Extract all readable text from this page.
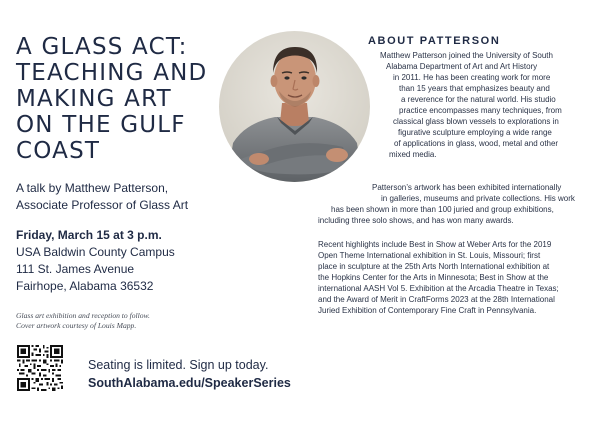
A GLASS ACT:
TEACHING AND
MAKING ART
ON THE GULF
COAST
A talk by Matthew Patterson,
Associate Professor of Glass Art
Friday, March 15 at 3 p.m.
USA Baldwin County Campus
111 St. James Avenue
Fairhope, Alabama 36532
Glass art exhibition and reception to follow.
Cover artwork courtesy of Louis Mapp.
Seating is limited. Sign up today.
SouthAlabama.edu/SpeakerSeries
ABOUT PATTERSON
Matthew Patterson joined the University of South
Alabama Department of Art and Art History
in 2011. He has been creating work for more
than 15 years that emphasizes beauty and
a reverence for the natural world. His studio
practice encompasses many techniques, from
classical glass blown vessels to explorations in
figurative sculpture employing a wide range
of applications in glass, wood, metal and other
mixed media.
Patterson’s artwork has been exhibited internationally
in galleries, museums and private collections. His work
has been shown in more than 100 juried and group exhibitions,
including three solo shows, and has won many awards.
Recent highlights include Best in Show at Weber Arts for the 2019
Open Theme International exhibition in St. Louis, Missouri; first
place in sculpture at the 25th Arts North International exhibition at
the Hopkins Center for the Arts in Minnesota; Best in Show at the
international AASH Vol 5. Exhibition at the Arcadia Theatre in Texas;
and the Award of Merit in CraftForms 2023 at the 28th International
Juried Exhibition of Contemporary Fine Craft in Pennsylvania.
